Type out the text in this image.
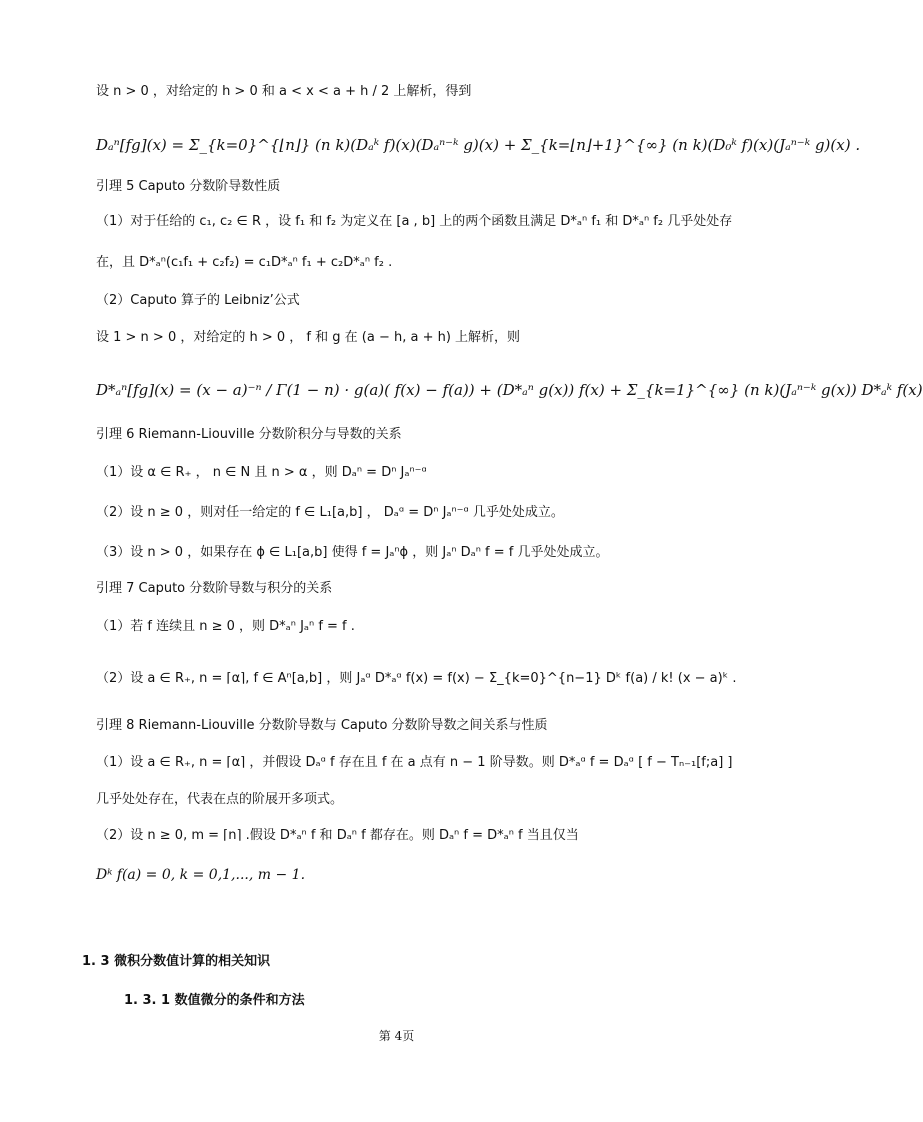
设 n > 0 ，对给定的 h > 0 和 a < x < a + h / 2 上解析，得到
Dₐⁿ[fg](x) = Σ_{k=0}^{⌊n⌋} (n k)(Dₐᵏ f)(x)(Dₐⁿ⁻ᵏ g)(x) + Σ_{k=⌊n⌋+1}^{∞} (n k)(D₀ᵏ f)(x)(Jₐⁿ⁻ᵏ g)(x) .
引理 5 Caputo 分数阶导数性质
（1）对于任给的 c₁, c₂ ∈ R ，设 f₁ 和 f₂ 为定义在 [a , b] 上的两个函数且满足 D*ₐⁿ f₁ 和 D*ₐⁿ f₂ 几乎处处存
在，且 D*ₐⁿ(c₁f₁ + c₂f₂) = c₁D*ₐⁿ f₁ + c₂D*ₐⁿ f₂ .
（2）Caputo 算子的 Leibniz’公式
设 1 > n > 0 ，对给定的 h > 0 ， f 和 g 在 (a − h, a + h) 上解析，则
D*ₐⁿ[fg](x) = (x − a)⁻ⁿ / Γ(1 − n) · g(a)( f(x) − f(a)) + (D*ₐⁿ g(x)) f(x) + Σ_{k=1}^{∞} (n k)(Jₐⁿ⁻ᵏ g(x)) D*ₐᵏ f(x)
引理 6 Riemann-Liouville 分数阶积分与导数的关系
（1）设 α ∈ R₊ ， n ∈ N 且 n > α ，则 Dₐⁿ = Dⁿ Jₐⁿ⁻ᵅ
（2）设 n ≥ 0 ，则对任一给定的 f ∈ L₁[a,b] ， Dₐᵅ = Dⁿ Jₐⁿ⁻ᵅ 几乎处处成立。
（3）设 n > 0 ，如果存在 ϕ ∈ L₁[a,b] 使得 f = Jₐⁿϕ ，则 Jₐⁿ Dₐⁿ f = f 几乎处处成立。
引理 7 Caputo 分数阶导数与积分的关系
（1）若 f 连续且 n ≥ 0 ，则 D*ₐⁿ Jₐⁿ f = f .
（2）设 a ∈ R₊, n = ⌈α⌉, f ∈ Aⁿ[a,b] ，则 Jₐᵅ D*ₐᵅ f(x) = f(x) − Σ_{k=0}^{n−1} Dᵏ f(a) / k! (x − a)ᵏ .
引理 8 Riemann-Liouville 分数阶导数与 Caputo 分数阶导数之间关系与性质
（1）设 a ∈ R₊, n = ⌈α⌉ ，并假设 Dₐᵅ f 存在且 f 在 a 点有 n − 1 阶导数。则 D*ₐᵅ f = Dₐᵅ [ f − Tₙ₋₁[f;a] ]
几乎处处存在，代表在点的阶展开多项式。
（2）设 n ≥ 0, m = ⌈n⌉ .假设 D*ₐⁿ f 和 Dₐⁿ f 都存在。则 Dₐⁿ f = D*ₐⁿ f 当且仅当
Dᵏ f(a) = 0, k = 0,1,..., m − 1.
1. 3 微积分数值计算的相关知识
1. 3. 1 数值微分的条件和方法
第 4页
